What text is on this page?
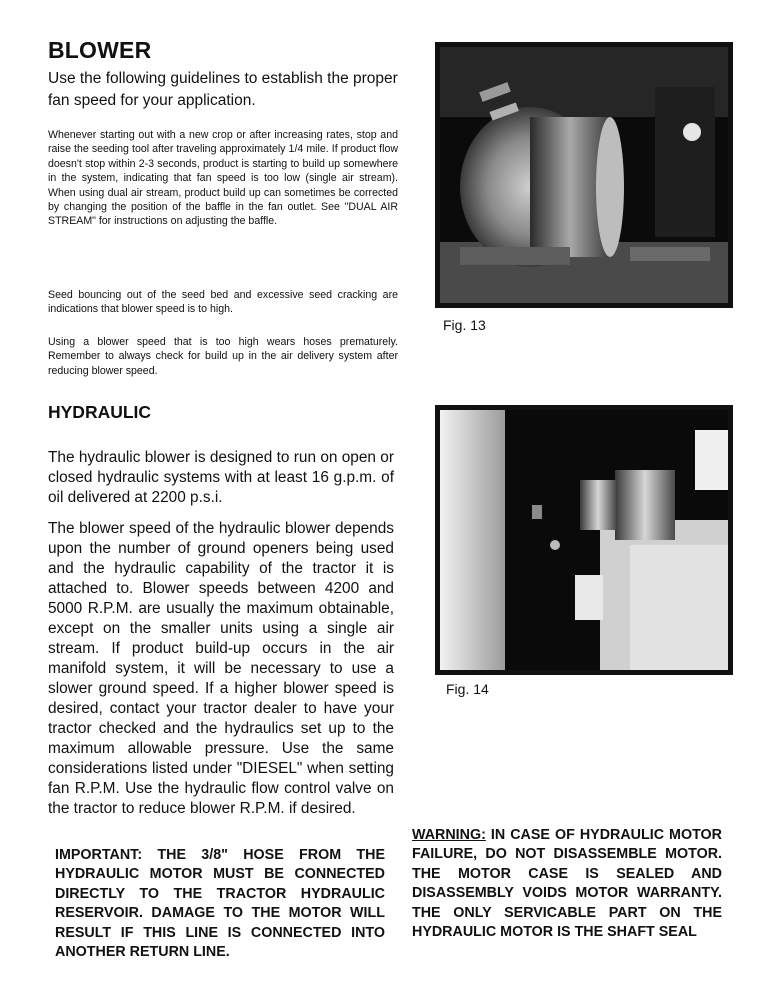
BLOWER
Use the following guidelines to establish the proper fan speed for your application.
Whenever starting out with a new crop or after increasing rates, stop and raise the seeding tool after traveling approximately 1/4 mile. If product flow doesn't stop within 2-3 seconds, product is starting to build up somewhere in the system, indicating that fan speed is too low (single air stream). When using dual air stream, product build up can sometimes be corrected by changing the position of the baffle in the fan outlet. See "DUAL AIR STREAM" for instructions on adjusting the baffle.
Seed bouncing out of the seed bed and excessive seed cracking are indications that blower speed is to high.
Using a blower speed that is too high wears hoses prematurely. Remember to always check for build up in the air delivery system after reducing blower speed.
HYDRAULIC
The hydraulic blower is designed to run on open or closed hydraulic systems with at least 16 g.p.m. of oil delivered at 2200 p.s.i.
The blower speed of the hydraulic blower depends upon the number of ground openers being used and the hydraulic capability of the tractor it is attached to. Blower speeds between 4200 and 5000 R.P.M. are usually the maximum obtainable, except on the smaller units using a single air stream. If product build-up occurs in the air manifold system, it will be necessary to use a slower ground speed. If a higher blower speed is desired, contact your tractor dealer to have your tractor checked and the hydraulics set up to the maximum allowable pressure. Use the same considerations listed under "DIESEL" when setting fan R.P.M. Use the hydraulic flow control valve on the tractor to reduce blower R.P.M. if desired.
Fig. 13
Fig. 14
IMPORTANT: THE 3/8" HOSE FROM THE HYDRAULIC MOTOR MUST BE CONNECTED DIRECTLY TO THE TRACTOR HYDRAULIC RESERVOIR. DAMAGE TO THE MOTOR WILL RESULT IF THIS LINE IS CONNECTED INTO ANOTHER RETURN LINE.
WARNING: IN CASE OF HYDRAULIC MOTOR FAILURE, DO NOT DISASSEMBLE MOTOR. THE MOTOR CASE IS SEALED AND DISASSEMBLY VOIDS MOTOR WARRANTY. THE ONLY SERVICABLE PART ON THE HYDRAULIC MOTOR IS THE SHAFT SEAL
